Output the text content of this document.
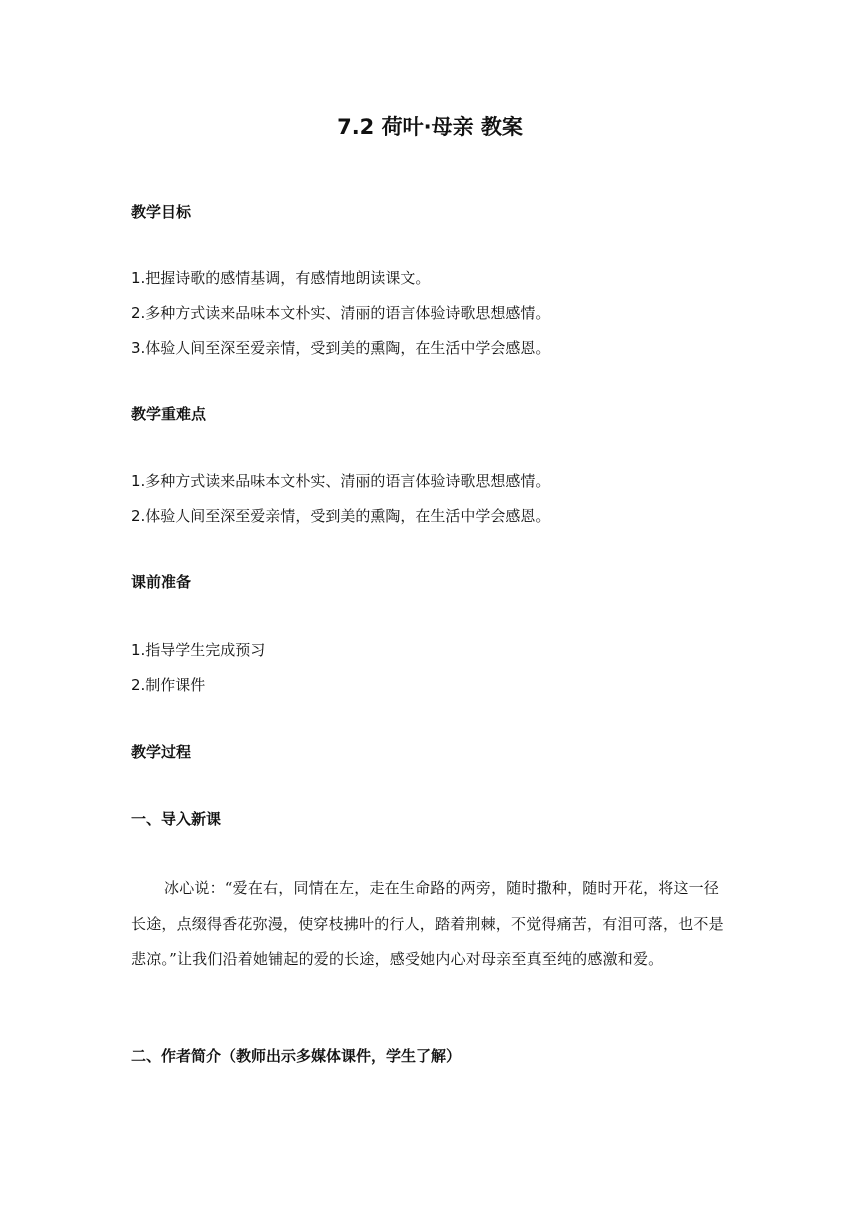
7.2 荷叶·母亲 教案
教学目标
1.把握诗歌的感情基调，有感情地朗读课文。
2.多种方式读来品味本文朴实、清丽的语言体验诗歌思想感情。
3.体验人间至深至爱亲情，受到美的熏陶，在生活中学会感恩。
教学重难点
1.多种方式读来品味本文朴实、清丽的语言体验诗歌思想感情。
2.体验人间至深至爱亲情，受到美的熏陶，在生活中学会感恩。
课前准备
1.指导学生完成预习
2.制作课件
教学过程
一、导入新课
冰心说：“爱在右，同情在左，走在生命路的两旁，随时撒种，随时开花，将这一径长途，点缀得香花弥漫，使穿枝拂叶的行人，踏着荆棘，不觉得痛苦，有泪可落，也不是悲凉。”让我们沿着她铺起的爱的长途，感受她内心对母亲至真至纯的感激和爱。
二、作者简介（教师出示多媒体课件，学生了解）
